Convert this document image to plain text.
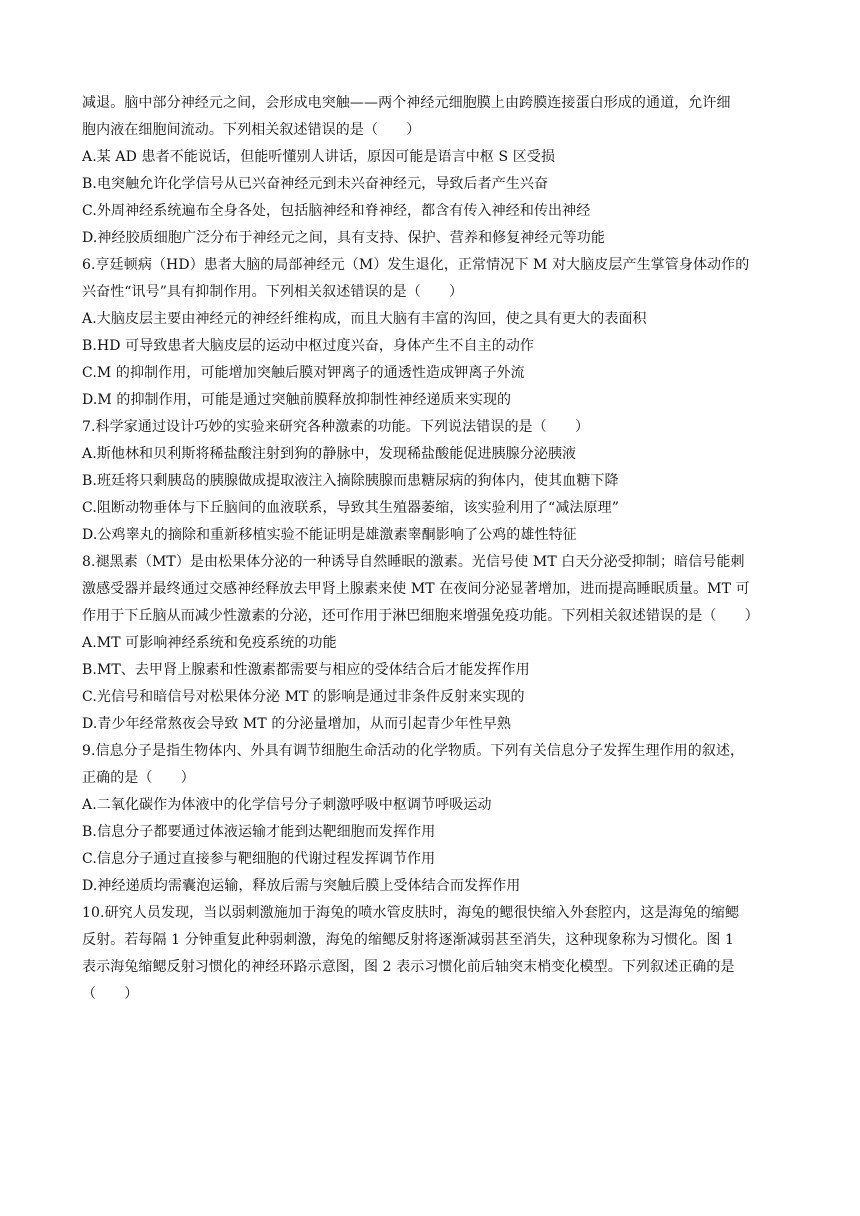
减退。脑中部分神经元之间，会形成电突触——两个神经元细胞膜上由跨膜连接蛋白形成的通道，允许细
胞内液在细胞间流动。下列相关叙述错误的是（　　）
A.某 AD 患者不能说话，但能听懂别人讲话，原因可能是语言中枢 S 区受损
B.电突触允许化学信号从已兴奋神经元到未兴奋神经元，导致后者产生兴奋
C.外周神经系统遍布全身各处，包括脑神经和脊神经，都含有传入神经和传出神经
D.神经胶质细胞广泛分布于神经元之间，具有支持、保护、营养和修复神经元等功能
6.亨廷顿病（HD）患者大脑的局部神经元（M）发生退化，正常情况下 M 对大脑皮层产生掌管身体动作的
兴奋性“讯号”具有抑制作用。下列相关叙述错误的是（　　）
A.大脑皮层主要由神经元的神经纤维构成，而且大脑有丰富的沟回，使之具有更大的表面积
B.HD 可导致患者大脑皮层的运动中枢过度兴奋，身体产生不自主的动作
C.M 的抑制作用，可能增加突触后膜对钾离子的通透性造成钾离子外流
D.M 的抑制作用，可能是通过突触前膜释放抑制性神经递质来实现的
7.科学家通过设计巧妙的实验来研究各种激素的功能。下列说法错误的是（　　）
A.斯他林和贝利斯将稀盐酸注射到狗的静脉中，发现稀盐酸能促进胰腺分泌胰液
B.班廷将只剩胰岛的胰腺做成提取液注入摘除胰腺而患糖尿病的狗体内，使其血糖下降
C.阻断动物垂体与下丘脑间的血液联系，导致其生殖器萎缩，该实验利用了“减法原理”
D.公鸡睾丸的摘除和重新移植实验不能证明是雄激素睾酮影响了公鸡的雄性特征
8.褪黑素（MT）是由松果体分泌的一种诱导自然睡眠的激素。光信号使 MT 白天分泌受抑制；暗信号能刺
激感受器并最终通过交感神经释放去甲肾上腺素来使 MT 在夜间分泌显著增加，进而提高睡眠质量。MT 可
作用于下丘脑从而减少性激素的分泌，还可作用于淋巴细胞来增强免疫功能。下列相关叙述错误的是（　　）
A.MT 可影响神经系统和免疫系统的功能
B.MT、去甲肾上腺素和性激素都需要与相应的受体结合后才能发挥作用
C.光信号和暗信号对松果体分泌 MT 的影响是通过非条件反射来实现的
D.青少年经常熬夜会导致 MT 的分泌量增加，从而引起青少年性早熟
9.信息分子是指生物体内、外具有调节细胞生命活动的化学物质。下列有关信息分子发挥生理作用的叙述，
正确的是（　　）
A.二氧化碳作为体液中的化学信号分子刺激呼吸中枢调节呼吸运动
B.信息分子都要通过体液运输才能到达靶细胞而发挥作用
C.信息分子通过直接参与靶细胞的代谢过程发挥调节作用
D.神经递质均需囊泡运输，释放后需与突触后膜上受体结合而发挥作用
10.研究人员发现，当以弱刺激施加于海兔的喷水管皮肤时，海兔的鳃很快缩入外套腔内，这是海兔的缩鳃
反射。若每隔 1 分钟重复此种弱刺激，海兔的缩鳃反射将逐渐减弱甚至消失，这种现象称为习惯化。图 1
表示海兔缩鳃反射习惯化的神经环路示意图，图 2 表示习惯化前后轴突末梢变化模型。下列叙述正确的是
（　　）
